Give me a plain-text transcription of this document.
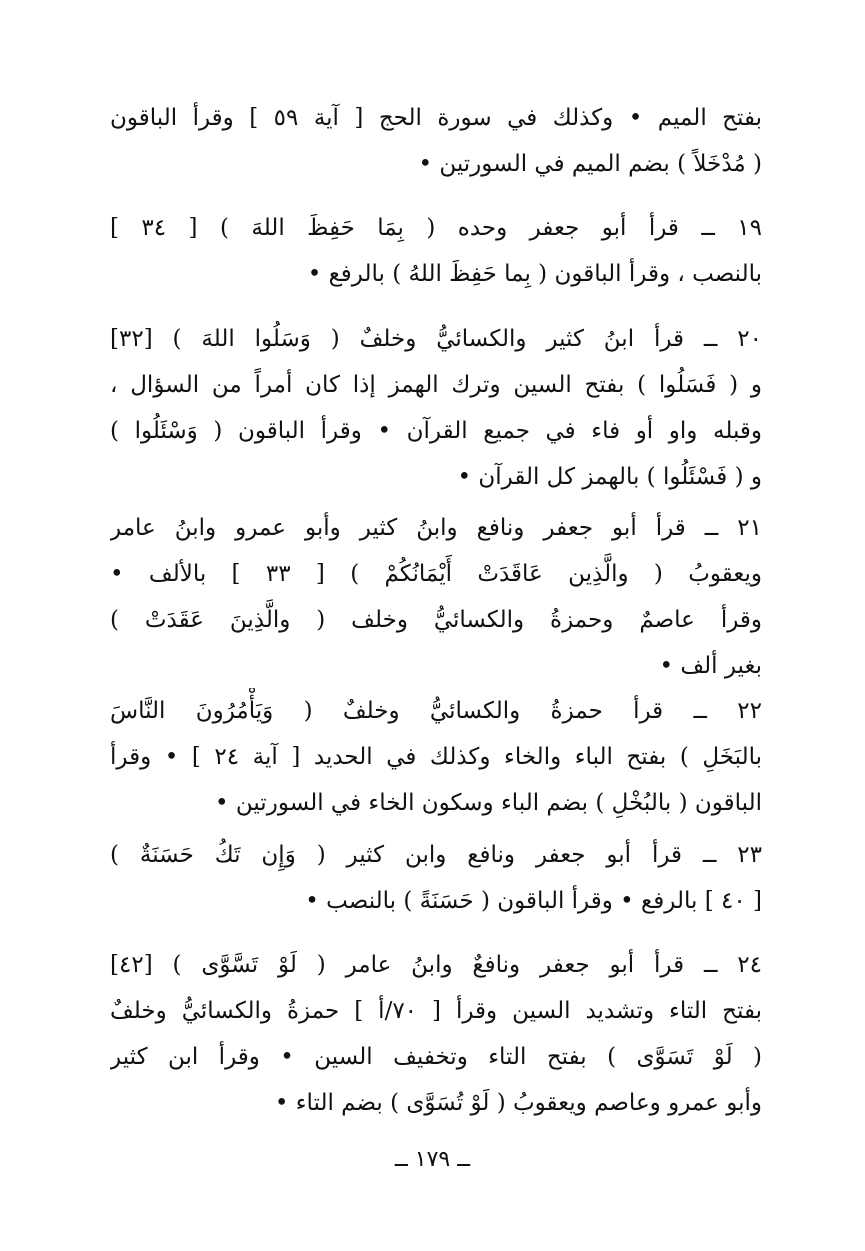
بفتح الميم • وكذلك في سورة الحج [ آية ٥٩ ] وقرأ الباقون
( مُدْخَلاً ) بضم الميم في السورتين •
١٩ ــ قرأ أبو جعفر وحده ( بِمَا حَفِظَ اللهَ ) [ ٣٤ ]
بالنصب ، وقرأ الباقون ( بِما حَفِظَ اللهُ ) بالرفع •
٢٠ ــ قرأ ابنُ كثير والكسائيُّ وخلفٌ ( وَسَلُوا اللهَ ) [٣٢]
و ( فَسَلُوا ) بفتح السين وترك الهمز إذا كان أمراً من السؤال ،
وقبله واو أو فاء في جميع القرآن • وقرأ الباقون ( وَسْئَلُوا )
و ( فَسْئَلُوا ) بالهمز كل القرآن •
٢١ ــ قرأ أبو جعفر ونافع وابنُ كثير وأبو عمرو وابنُ عامر
ويعقوبُ ( والَّذِين عَاقَدَتْ أَيْمَانُكُمْ ) [ ٣٣ ] بالألف •
وقرأ عاصمٌ وحمزةُ والكسائيُّ وخلف ( والَّذِينَ عَقَدَتْ )
بغير ألف •
٢٢ ــ قرأ حمزةُ والكسائيُّ وخلفٌ ( وَيَأْمُرُونَ النَّاسَ
بالبَخَلِ ) بفتح الباء والخاء وكذلك في الحديد [ آية ٢٤ ] • وقرأ
الباقون ( بالبُخْلِ ) بضم الباء وسكون الخاء في السورتين •
٢٣ ــ قرأ أبو جعفر ونافع وابن كثير ( وَإِن تَكُ حَسَنَةٌ )
[ ٤٠ ] بالرفع • وقرأ الباقون ( حَسَنَةً ) بالنصب •
٢٤ ــ قرأ أبو جعفر ونافعٌ وابنُ عامر ( لَوْ تَسَّوَّى ) [٤٢]
بفتح التاء وتشديد السين وقرأ [ ٧٠/أ ] حمزةُ والكسائيُّ وخلفٌ
( لَوْ تَسَوَّى ) بفتح التاء وتخفيف السين • وقرأ ابن كثير
وأبو عمرو وعاصم ويعقوبُ ( لَوْ تُسَوَّى ) بضم التاء •
ــ ١٧٩ ــ
